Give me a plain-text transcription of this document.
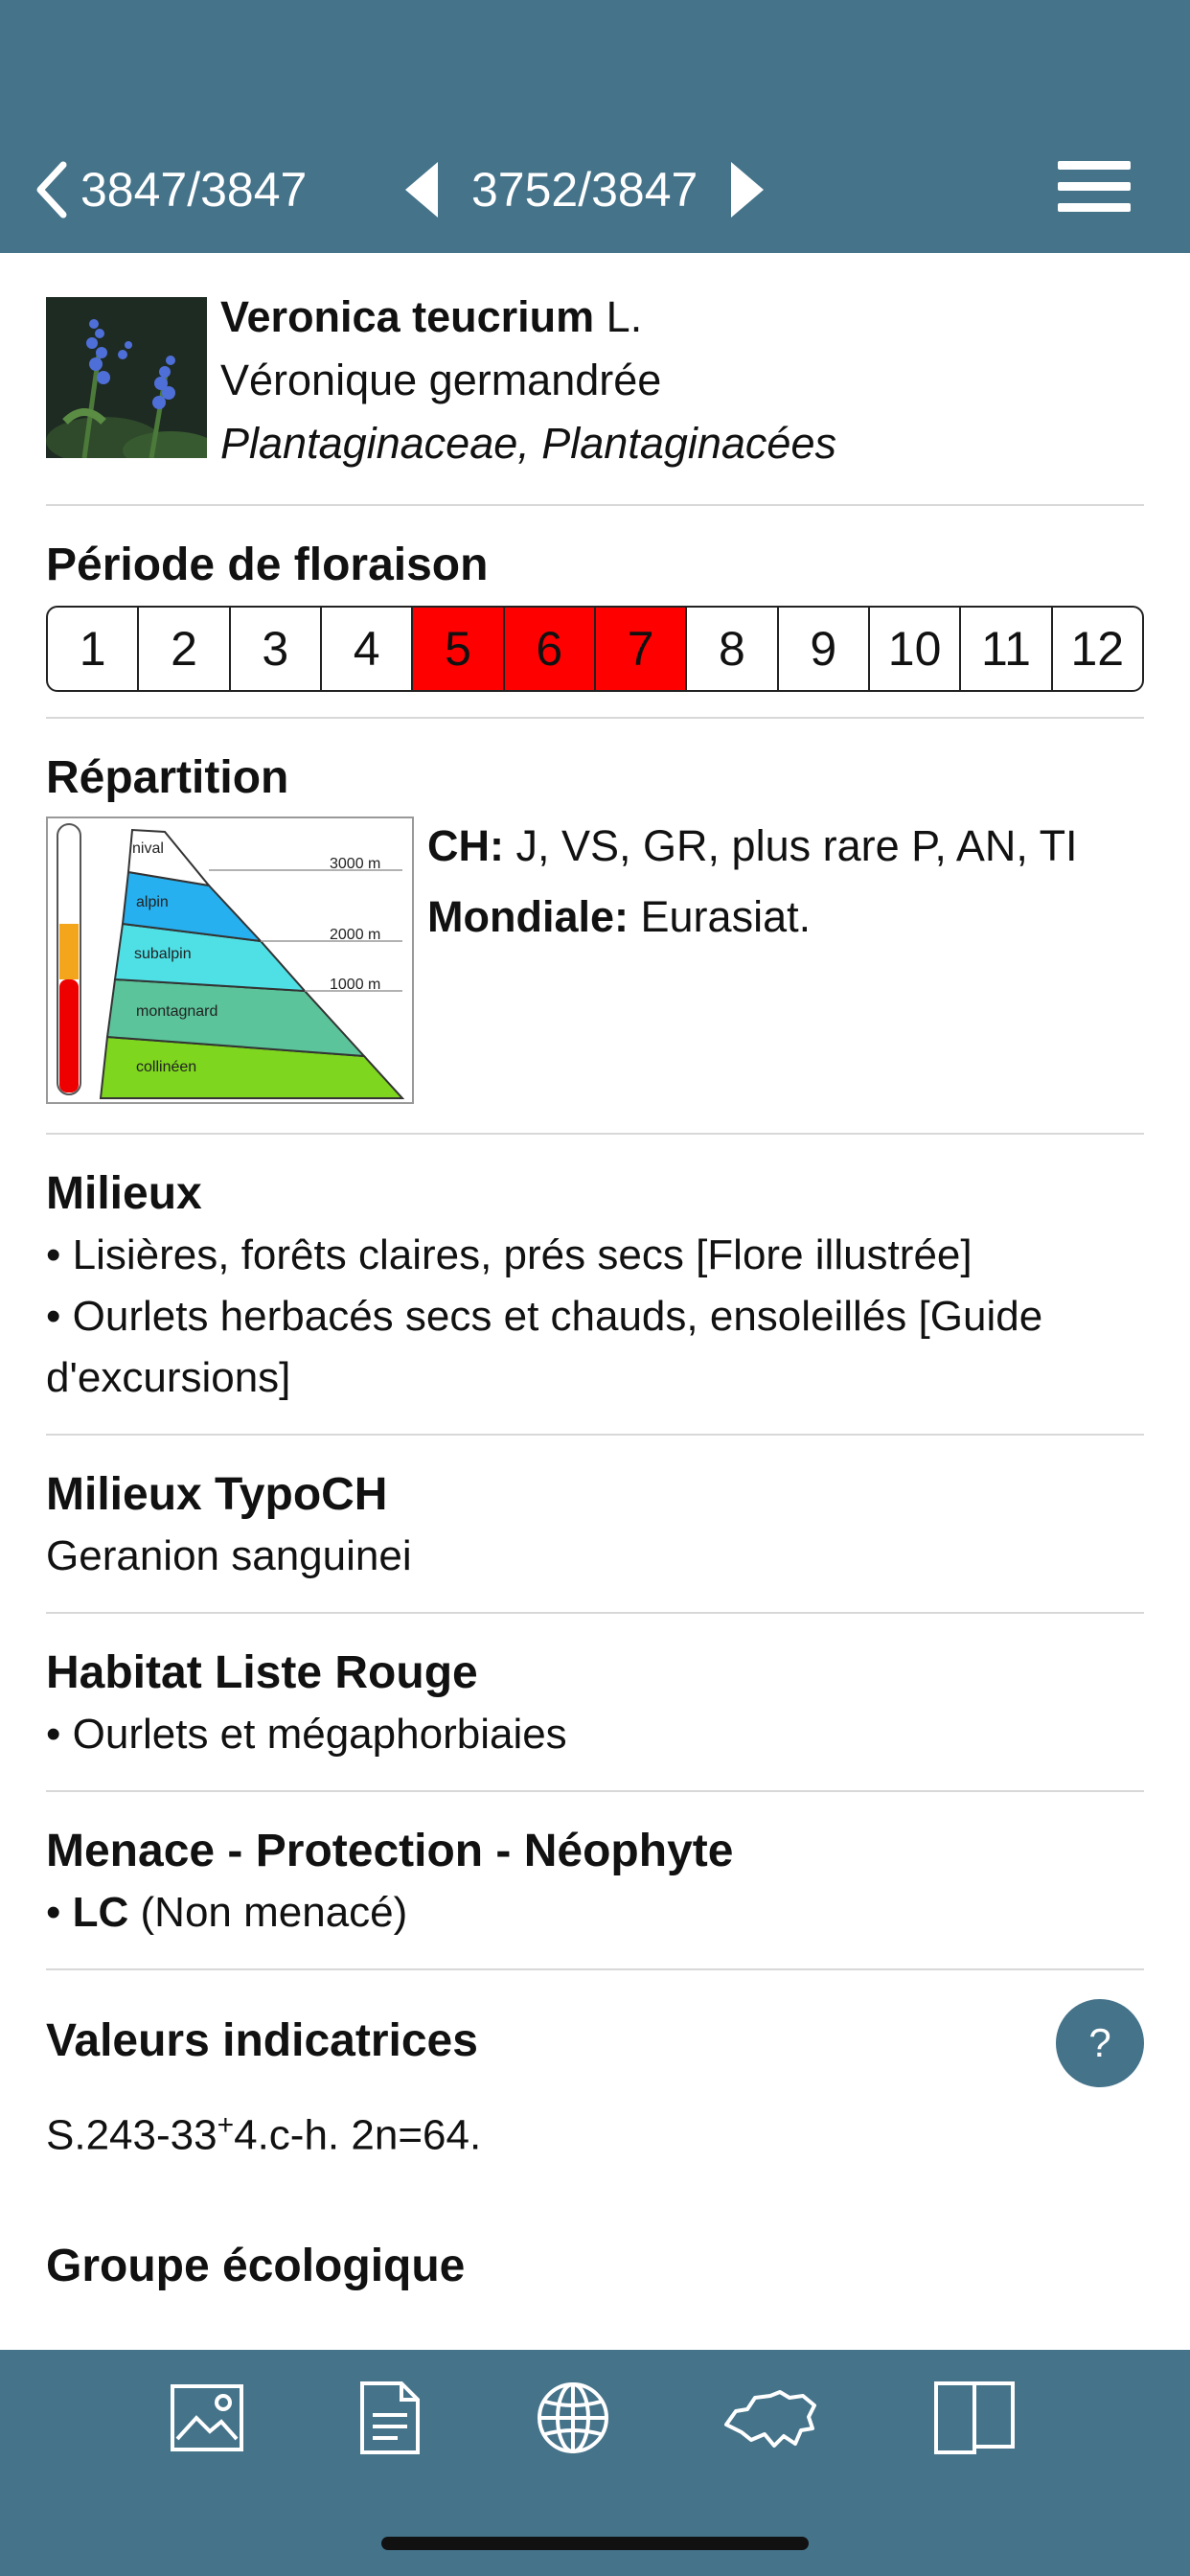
3847/3847	3752/3847
Veronica teucrium L.
Véronique germandrée
Plantaginaceae, Plantaginacées
Période de floraison
1	2	3	4	5	6	7	8	9	10 11 12
Répartition
nival
alpin
subalpin
montagnard
collinéen
3000 m
2000 m
1000 m
CH: J, VS, GR, plus rare P, AN, TI
Mondiale: Eurasiat.
Milieux
• Lisières, forêts claires, prés secs [Flore illustrée]
• Ourlets herbacés secs et chauds, ensoleillés [Guide d'excursions]
Milieux TypoCH
Geranion sanguinei
Habitat Liste Rouge
• Ourlets et mégaphorbiaies
Menace - Protection - Néophyte
• LC (Non menacé)
Valeurs indicatrices	?
S.243-33+4.c-h. 2n=64.
Groupe écologique
